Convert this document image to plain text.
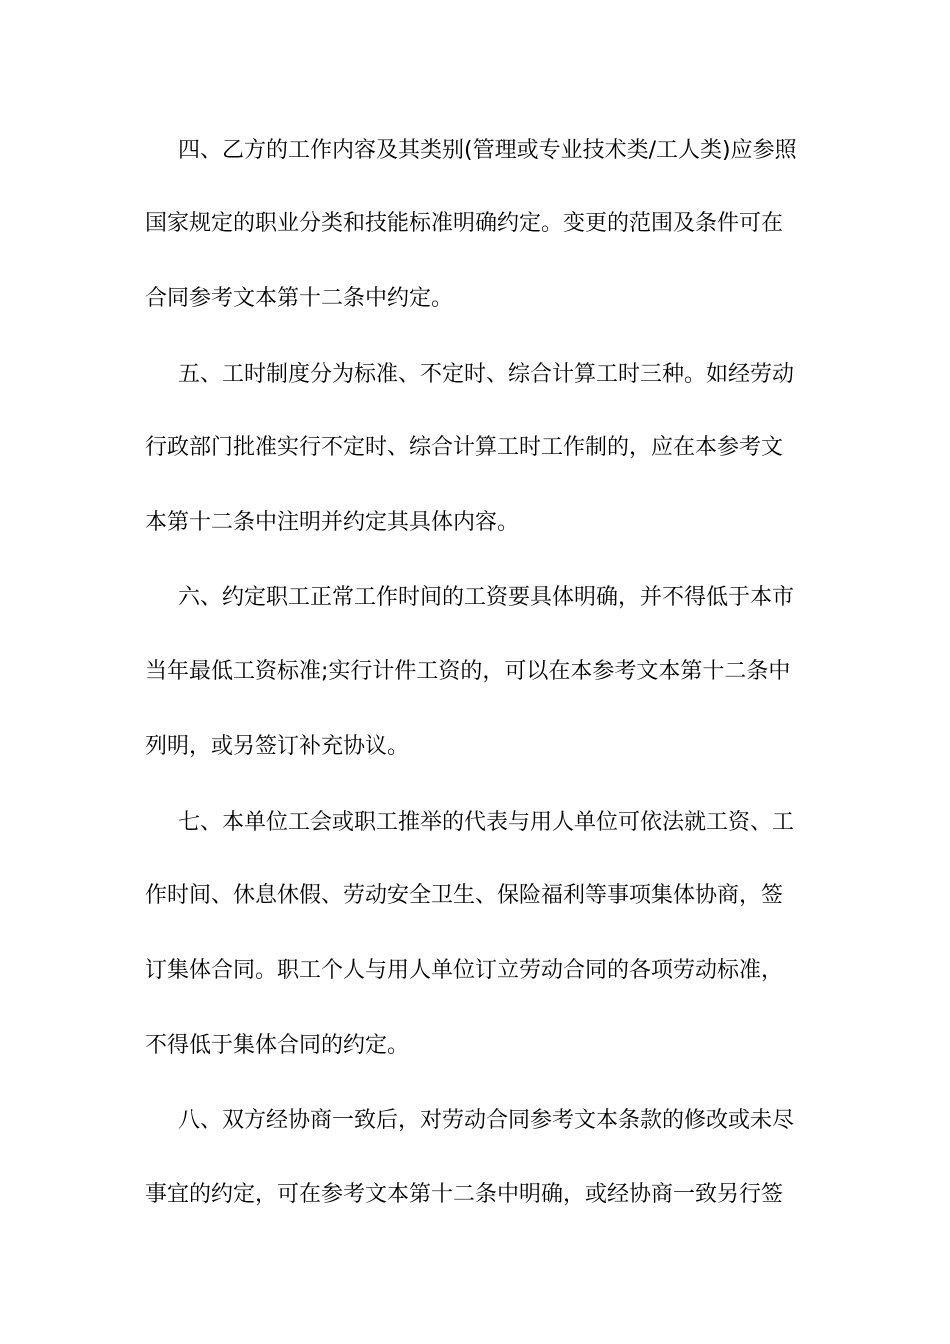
四、乙方的工作内容及其类别(管理或专业技术类/工人类)应参照
国家规定的职业分类和技能标准明确约定。变更的范围及条件可在
合同参考文本第十二条中约定。
五、工时制度分为标准、不定时、综合计算工时三种。如经劳动
行政部门批准实行不定时、综合计算工时工作制的，应在本参考文
本第十二条中注明并约定其具体内容。
六、约定职工正常工作时间的工资要具体明确，并不得低于本市
当年最低工资标准;实行计件工资的，可以在本参考文本第十二条中
列明，或另签订补充协议。
七、本单位工会或职工推举的代表与用人单位可依法就工资、工
作时间、休息休假、劳动安全卫生、保险福利等事项集体协商，签
订集体合同。职工个人与用人单位订立劳动合同的各项劳动标准，
不得低于集体合同的约定。
八、双方经协商一致后，对劳动合同参考文本条款的修改或未尽
事宜的约定，可在参考文本第十二条中明确，或经协商一致另行签
